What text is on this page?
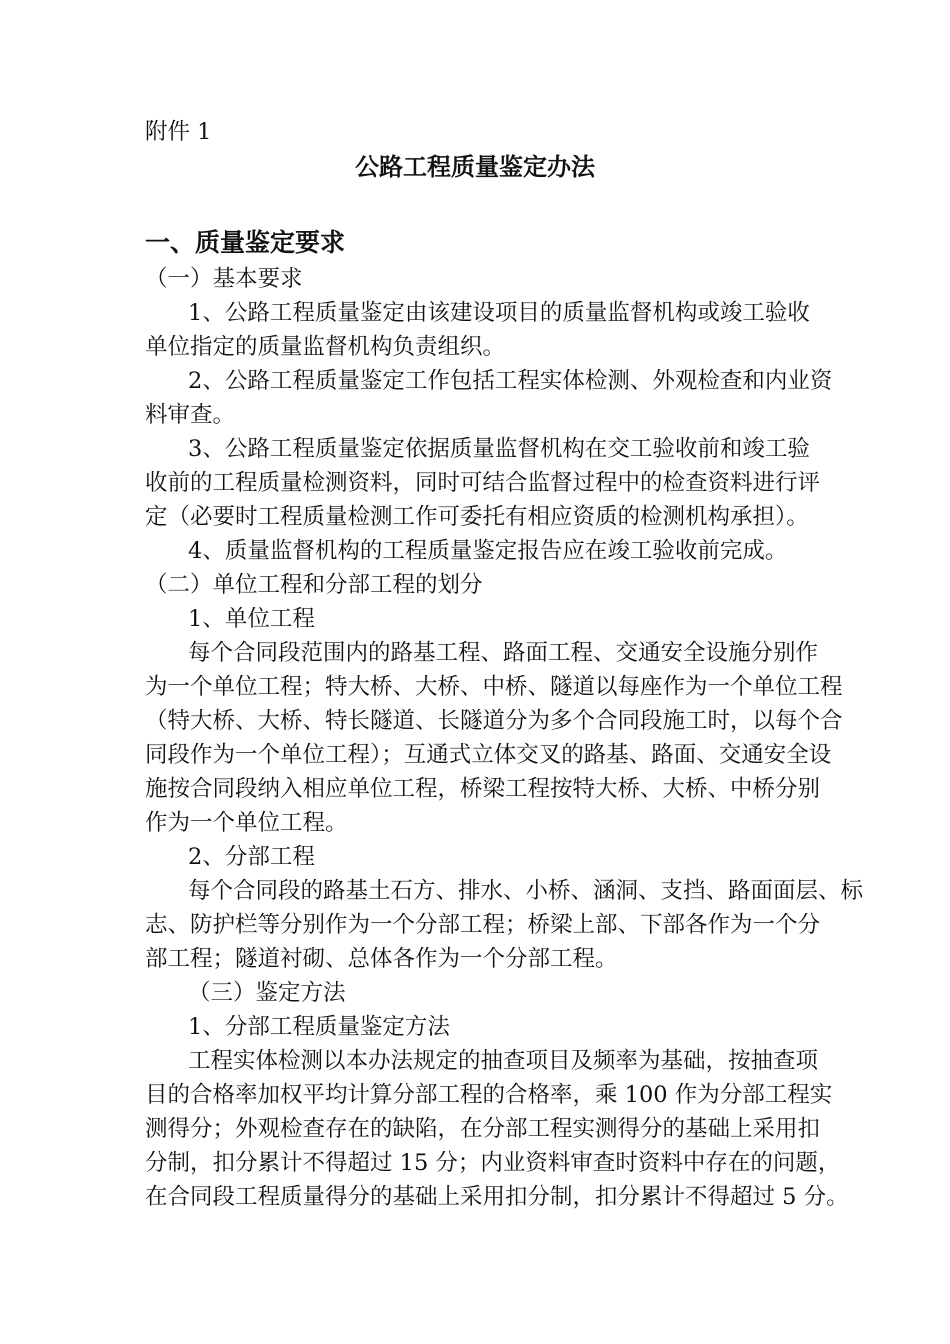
附件 1
公路工程质量鉴定办法
一、质量鉴定要求
（一）基本要求
1、公路工程质量鉴定由该建设项目的质量监督机构或竣工验收
单位指定的质量监督机构负责组织。
2、公路工程质量鉴定工作包括工程实体检测、外观检查和内业资
料审查。
3、公路工程质量鉴定依据质量监督机构在交工验收前和竣工验
收前的工程质量检测资料，同时可结合监督过程中的检查资料进行评
定（必要时工程质量检测工作可委托有相应资质的检测机构承担）。
4、质量监督机构的工程质量鉴定报告应在竣工验收前完成。
（二）单位工程和分部工程的划分
1、单位工程
每个合同段范围内的路基工程、路面工程、交通安全设施分别作
为一个单位工程；特大桥、大桥、中桥、隧道以每座作为一个单位工程
（特大桥、大桥、特长隧道、长隧道分为多个合同段施工时，以每个合
同段作为一个单位工程）；互通式立体交叉的路基、路面、交通安全设
施按合同段纳入相应单位工程，桥梁工程按特大桥、大桥、中桥分别
作为一个单位工程。
2、分部工程
每个合同段的路基土石方、排水、小桥、涵洞、支挡、路面面层、标
志、防护栏等分别作为一个分部工程；桥梁上部、下部各作为一个分
部工程；隧道衬砌、总体各作为一个分部工程。
（三）鉴定方法
1、分部工程质量鉴定方法
工程实体检测以本办法规定的抽查项目及频率为基础，按抽查项
目的合格率加权平均计算分部工程的合格率，乘 100 作为分部工程实
测得分；外观检查存在的缺陷，在分部工程实测得分的基础上采用扣
分制，扣分累计不得超过 15 分；内业资料审查时资料中存在的问题，
在合同段工程质量得分的基础上采用扣分制，扣分累计不得超过 5 分。
